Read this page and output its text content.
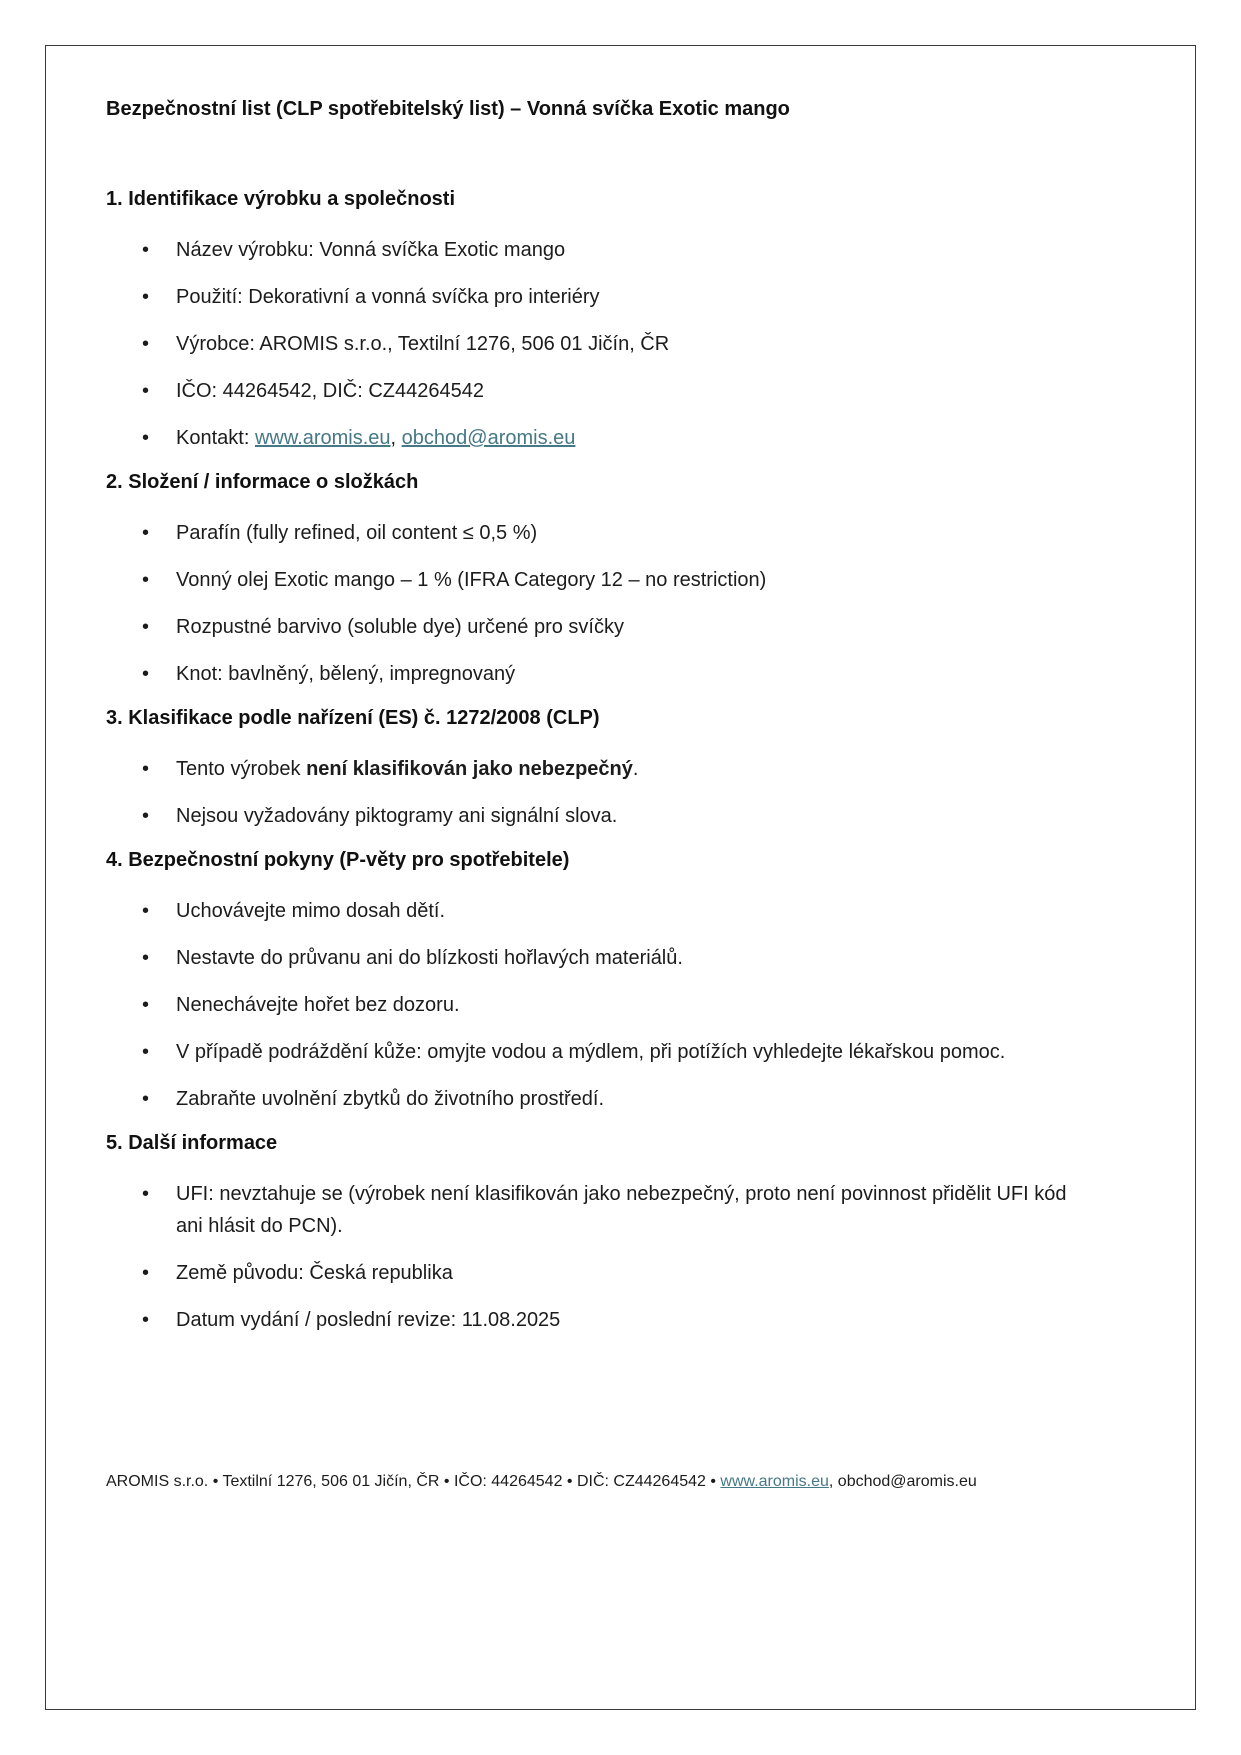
Bezpečnostní list (CLP spotřebitelský list) – Vonná svíčka Exotic mango
1. Identifikace výrobku a společnosti
• Název výrobku: Vonná svíčka Exotic mango
• Použití: Dekorativní a vonná svíčka pro interiéry
• Výrobce: AROMIS s.r.o., Textilní 1276, 506 01 Jičín, ČR
• IČO: 44264542, DIČ: CZ44264542
• Kontakt: www.aromis.eu, obchod@aromis.eu
2. Složení / informace o složkách
• Parafín (fully refined, oil content ≤ 0,5 %)
• Vonný olej Exotic mango – 1 % (IFRA Category 12 – no restriction)
• Rozpustné barvivo (soluble dye) určené pro svíčky
• Knot: bavlněný, bělený, impregnovaný
3. Klasifikace podle nařízení (ES) č. 1272/2008 (CLP)
• Tento výrobek není klasifikován jako nebezpečný.
• Nejsou vyžadovány piktogramy ani signální slova.
4. Bezpečnostní pokyny (P-věty pro spotřebitele)
• Uchovávejte mimo dosah dětí.
• Nestavte do průvanu ani do blízkosti hořlavých materiálů.
• Nenechávejte hořet bez dozoru.
• V případě podráždění kůže: omyjte vodou a mýdlem, při potížích vyhledejte lékařskou pomoc.
• Zabraňte uvolnění zbytků do životního prostředí.
5. Další informace
• UFI: nevztahuje se (výrobek není klasifikován jako nebezpečný, proto není povinnost přidělit UFI kód ani hlásit do PCN).
• Země původu: Česká republika
• Datum vydání / poslední revize: 11.08.2025
AROMIS s.r.o. • Textilní 1276, 506 01 Jičín, ČR • IČO: 44264542 • DIČ: CZ44264542 • www.aromis.eu, obchod@aromis.eu
